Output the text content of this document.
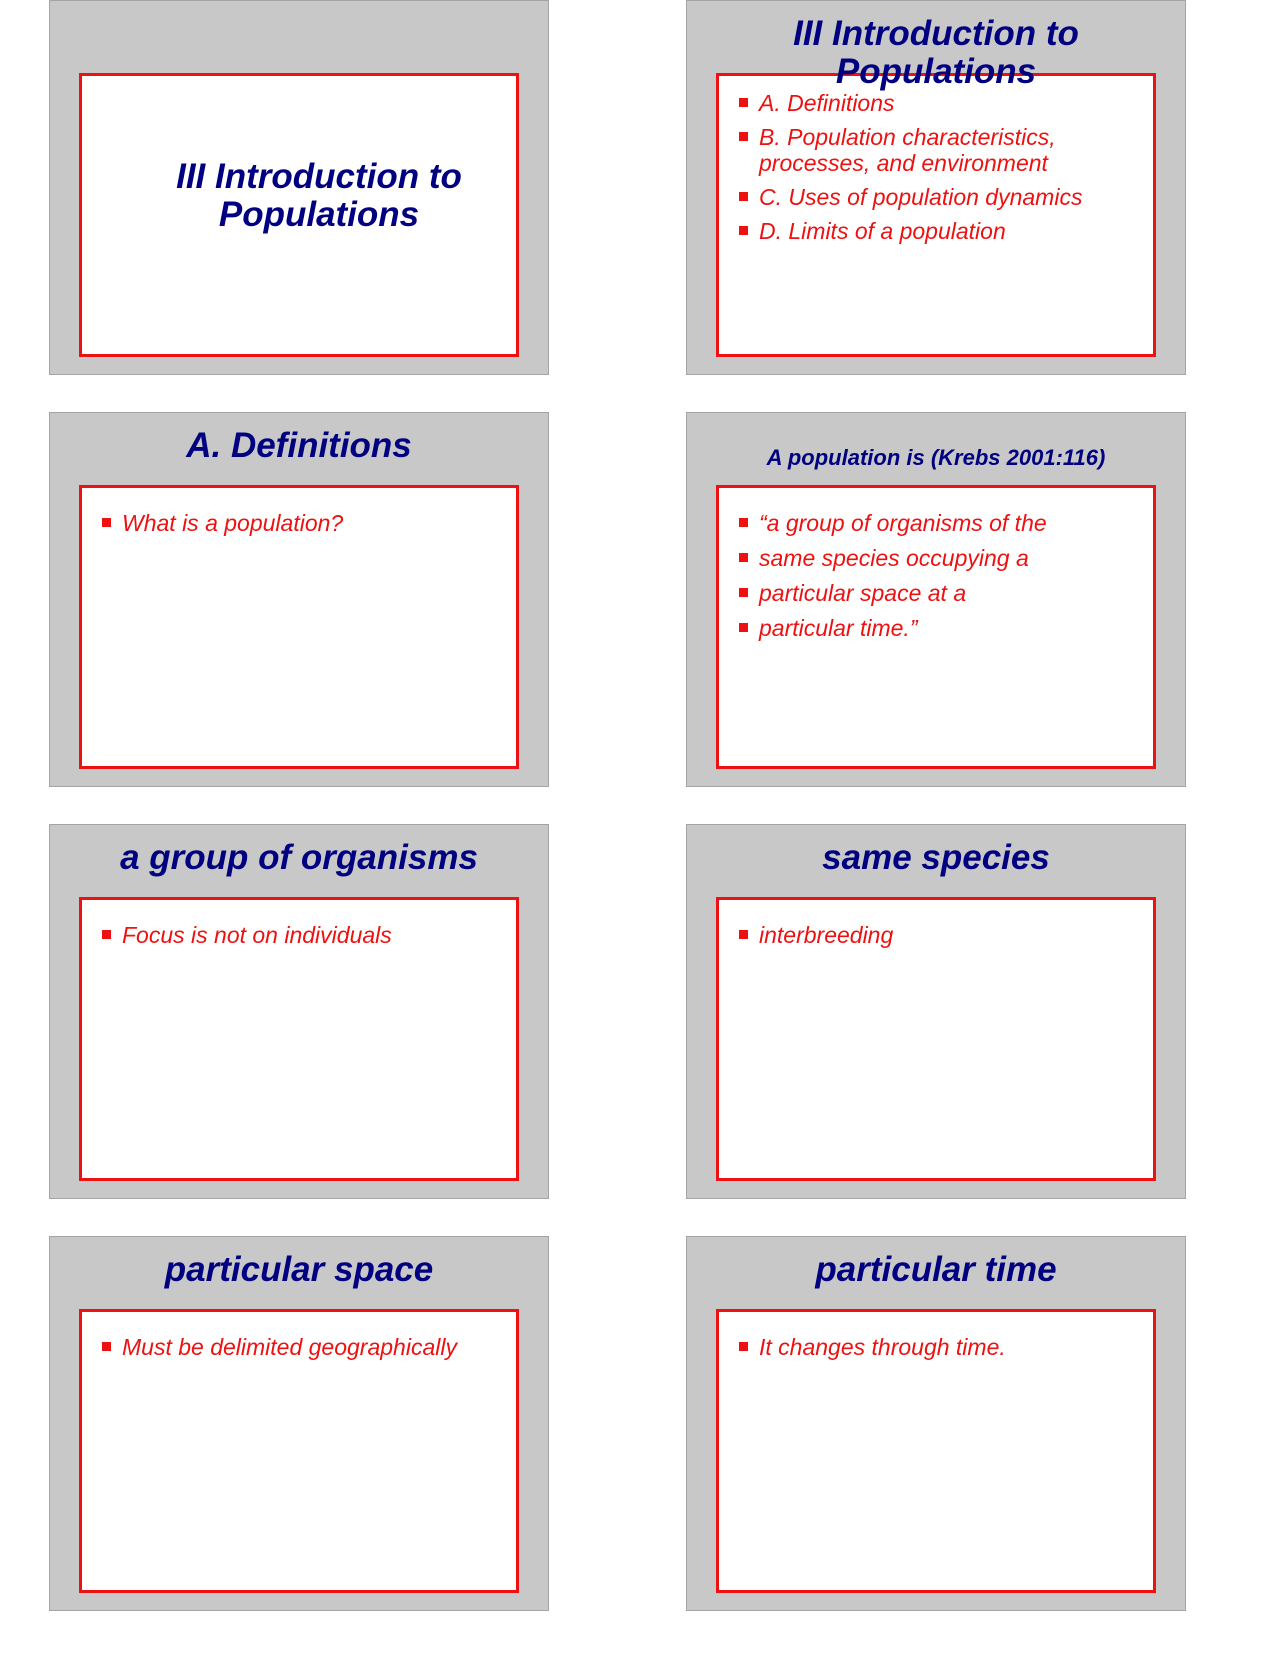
III Introduction to Populations
A. Definitions
B. Population characteristics, processes, and environment
C. Uses of population dynamics
D. Limits of a population
III Introduction to Populations
A. Definitions
What is a population?
A population is (Krebs 2001:116)
“a group of organisms of the
same species occupying a
particular space at a
particular time.”
a group of organisms
Focus is not on individuals
same species
interbreeding
particular space
Must be delimited geographically
particular time
It changes through time.
